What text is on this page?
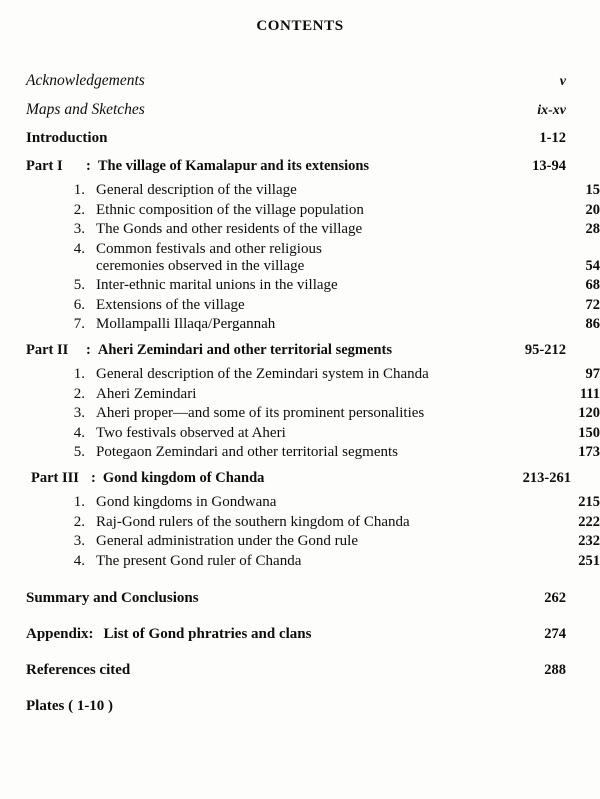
CONTENTS
Acknowledgements	v
Maps and Sketches	ix-xv
Introduction	1-12
Part I : The village of Kamalapur and its extensions	13-94
1. General description of the village	15
2. Ethnic composition of the village population	20
3. The Gonds and other residents of the village	28
4. Common festivals and other religious
ceremonies observed in the village	54
5. Inter-ethnic marital unions in the village	68
6. Extensions of the village	72
7. Mollampalli Illaqa/Pergannah	86
Part II : Aheri Zemindari and other territorial segments	95-212
1. General description of the Zemindari system in Chanda	97
2. Aheri Zemindari	111
3. Aheri proper—and some of its prominent personalities	120
4. Two festivals observed at Aheri	150
5. Potegaon Zemindari and other territorial segments	173
Part III : Gond kingdom of Chanda	213-261
1. Gond kingdoms in Gondwana	215
2. Raj-Gond rulers of the southern kingdom of Chanda	222
3. General administration under the Gond rule	232
4. The present Gond ruler of Chanda	251
Summary and Conclusions	262
Appendix: List of Gond phratries and clans	274
References cited	288
Plates ( 1-10 )
